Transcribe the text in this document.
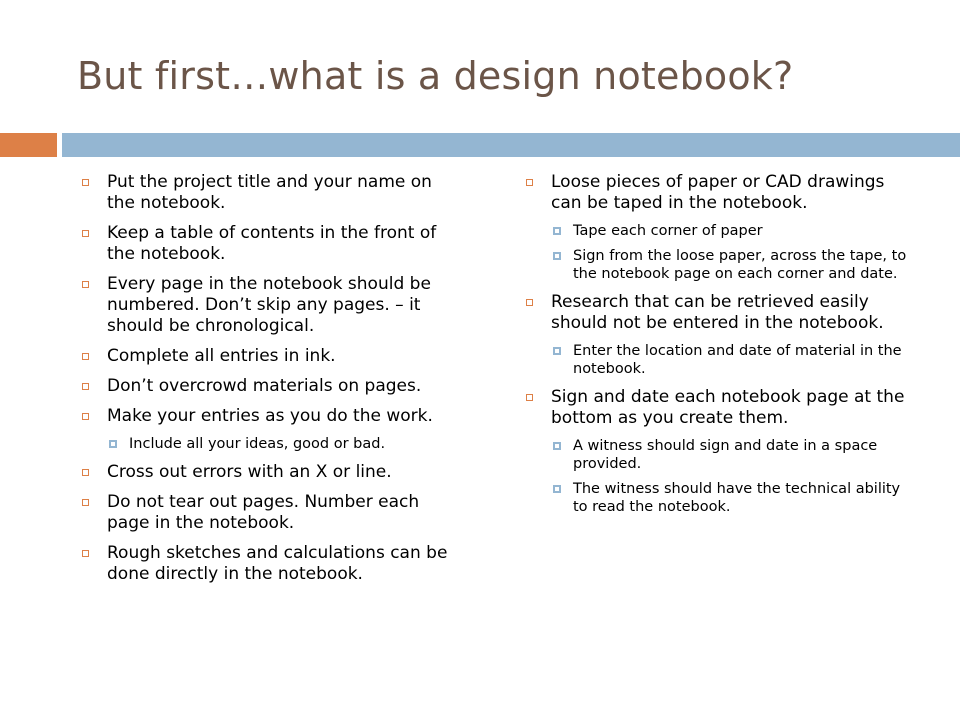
But first…what is a design notebook?
Put the project title and your name on the notebook.
Keep a table of contents in the front of the notebook.
Every page in the notebook should be numbered. Don’t skip any pages. – it should be chronological.
Complete all entries in ink.
Don’t overcrowd materials on pages.
Make your entries as you do the work.
Include all your ideas, good or bad.
Cross out errors with an X or line.
Do not tear out pages. Number each page in the notebook.
Rough sketches and calculations can be done directly in the notebook.
Loose pieces of paper or CAD drawings can be taped in the notebook.
Tape each corner of paper
Sign from the loose paper, across the tape, to the notebook page on each corner and date.
Research that can be retrieved easily should not be entered in the notebook.
Enter the location and date of material in the notebook.
Sign and date each notebook page at the bottom as you create them.
A witness should sign and date in a space provided.
The witness should have the technical ability to read the notebook.
